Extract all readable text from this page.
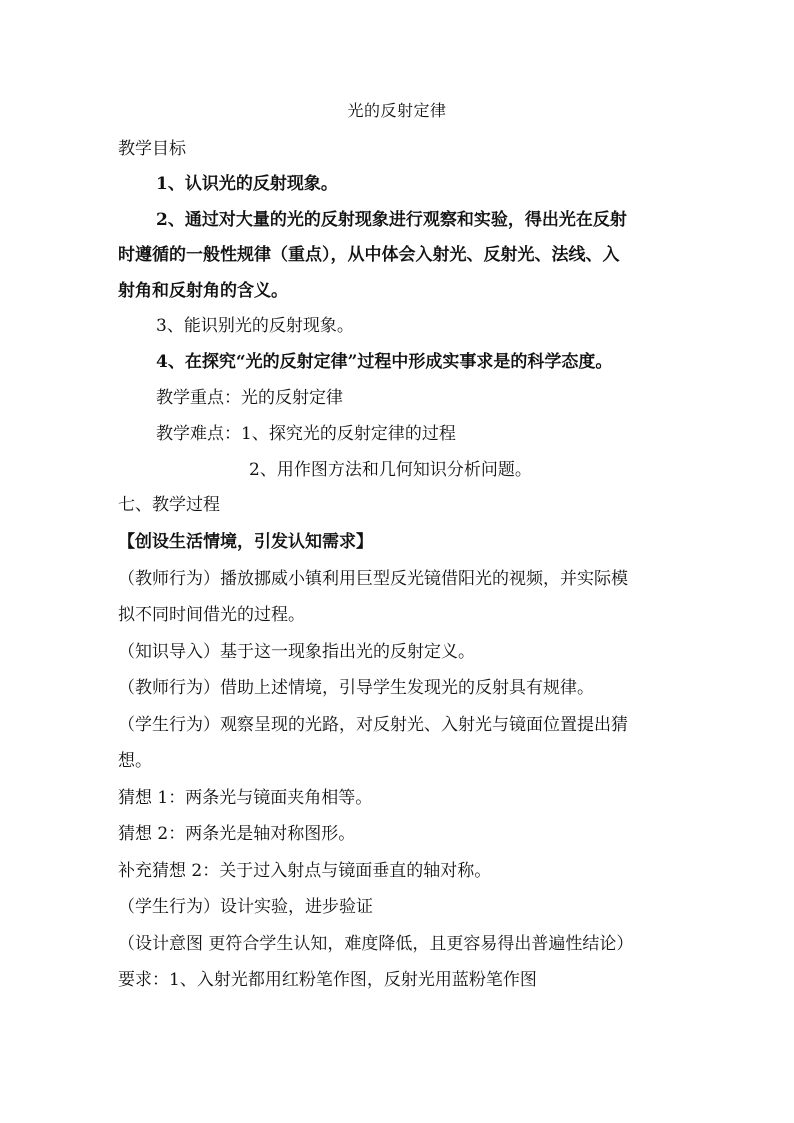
光的反射定律
教学目标
1、认识光的反射现象。
2、通过对大量的光的反射现象进行观察和实验，得出光在反射
时遵循的一般性规律（重点），从中体会入射光、反射光、法线、入
射角和反射角的含义。
3、能识别光的反射现象。
4、在探究“光的反射定律”过程中形成实事求是的科学态度。
教学重点：光的反射定律
教学难点：1、探究光的反射定律的过程
2、用作图方法和几何知识分析问题。
七、教学过程
【创设生活情境，引发认知需求】
（教师行为）播放挪威小镇利用巨型反光镜借阳光的视频，并实际模
拟不同时间借光的过程。
（知识导入）基于这一现象指出光的反射定义。
（教师行为）借助上述情境，引导学生发现光的反射具有规律。
（学生行为）观察呈现的光路，对反射光、入射光与镜面位置提出猜
想。
猜想 1：两条光与镜面夹角相等。
猜想 2：两条光是轴对称图形。
补充猜想 2：关于过入射点与镜面垂直的轴对称。
（学生行为）设计实验，进步验证
（设计意图 更符合学生认知，难度降低，且更容易得出普遍性结论）
要求：1、入射光都用红粉笔作图，反射光用蓝粉笔作图
